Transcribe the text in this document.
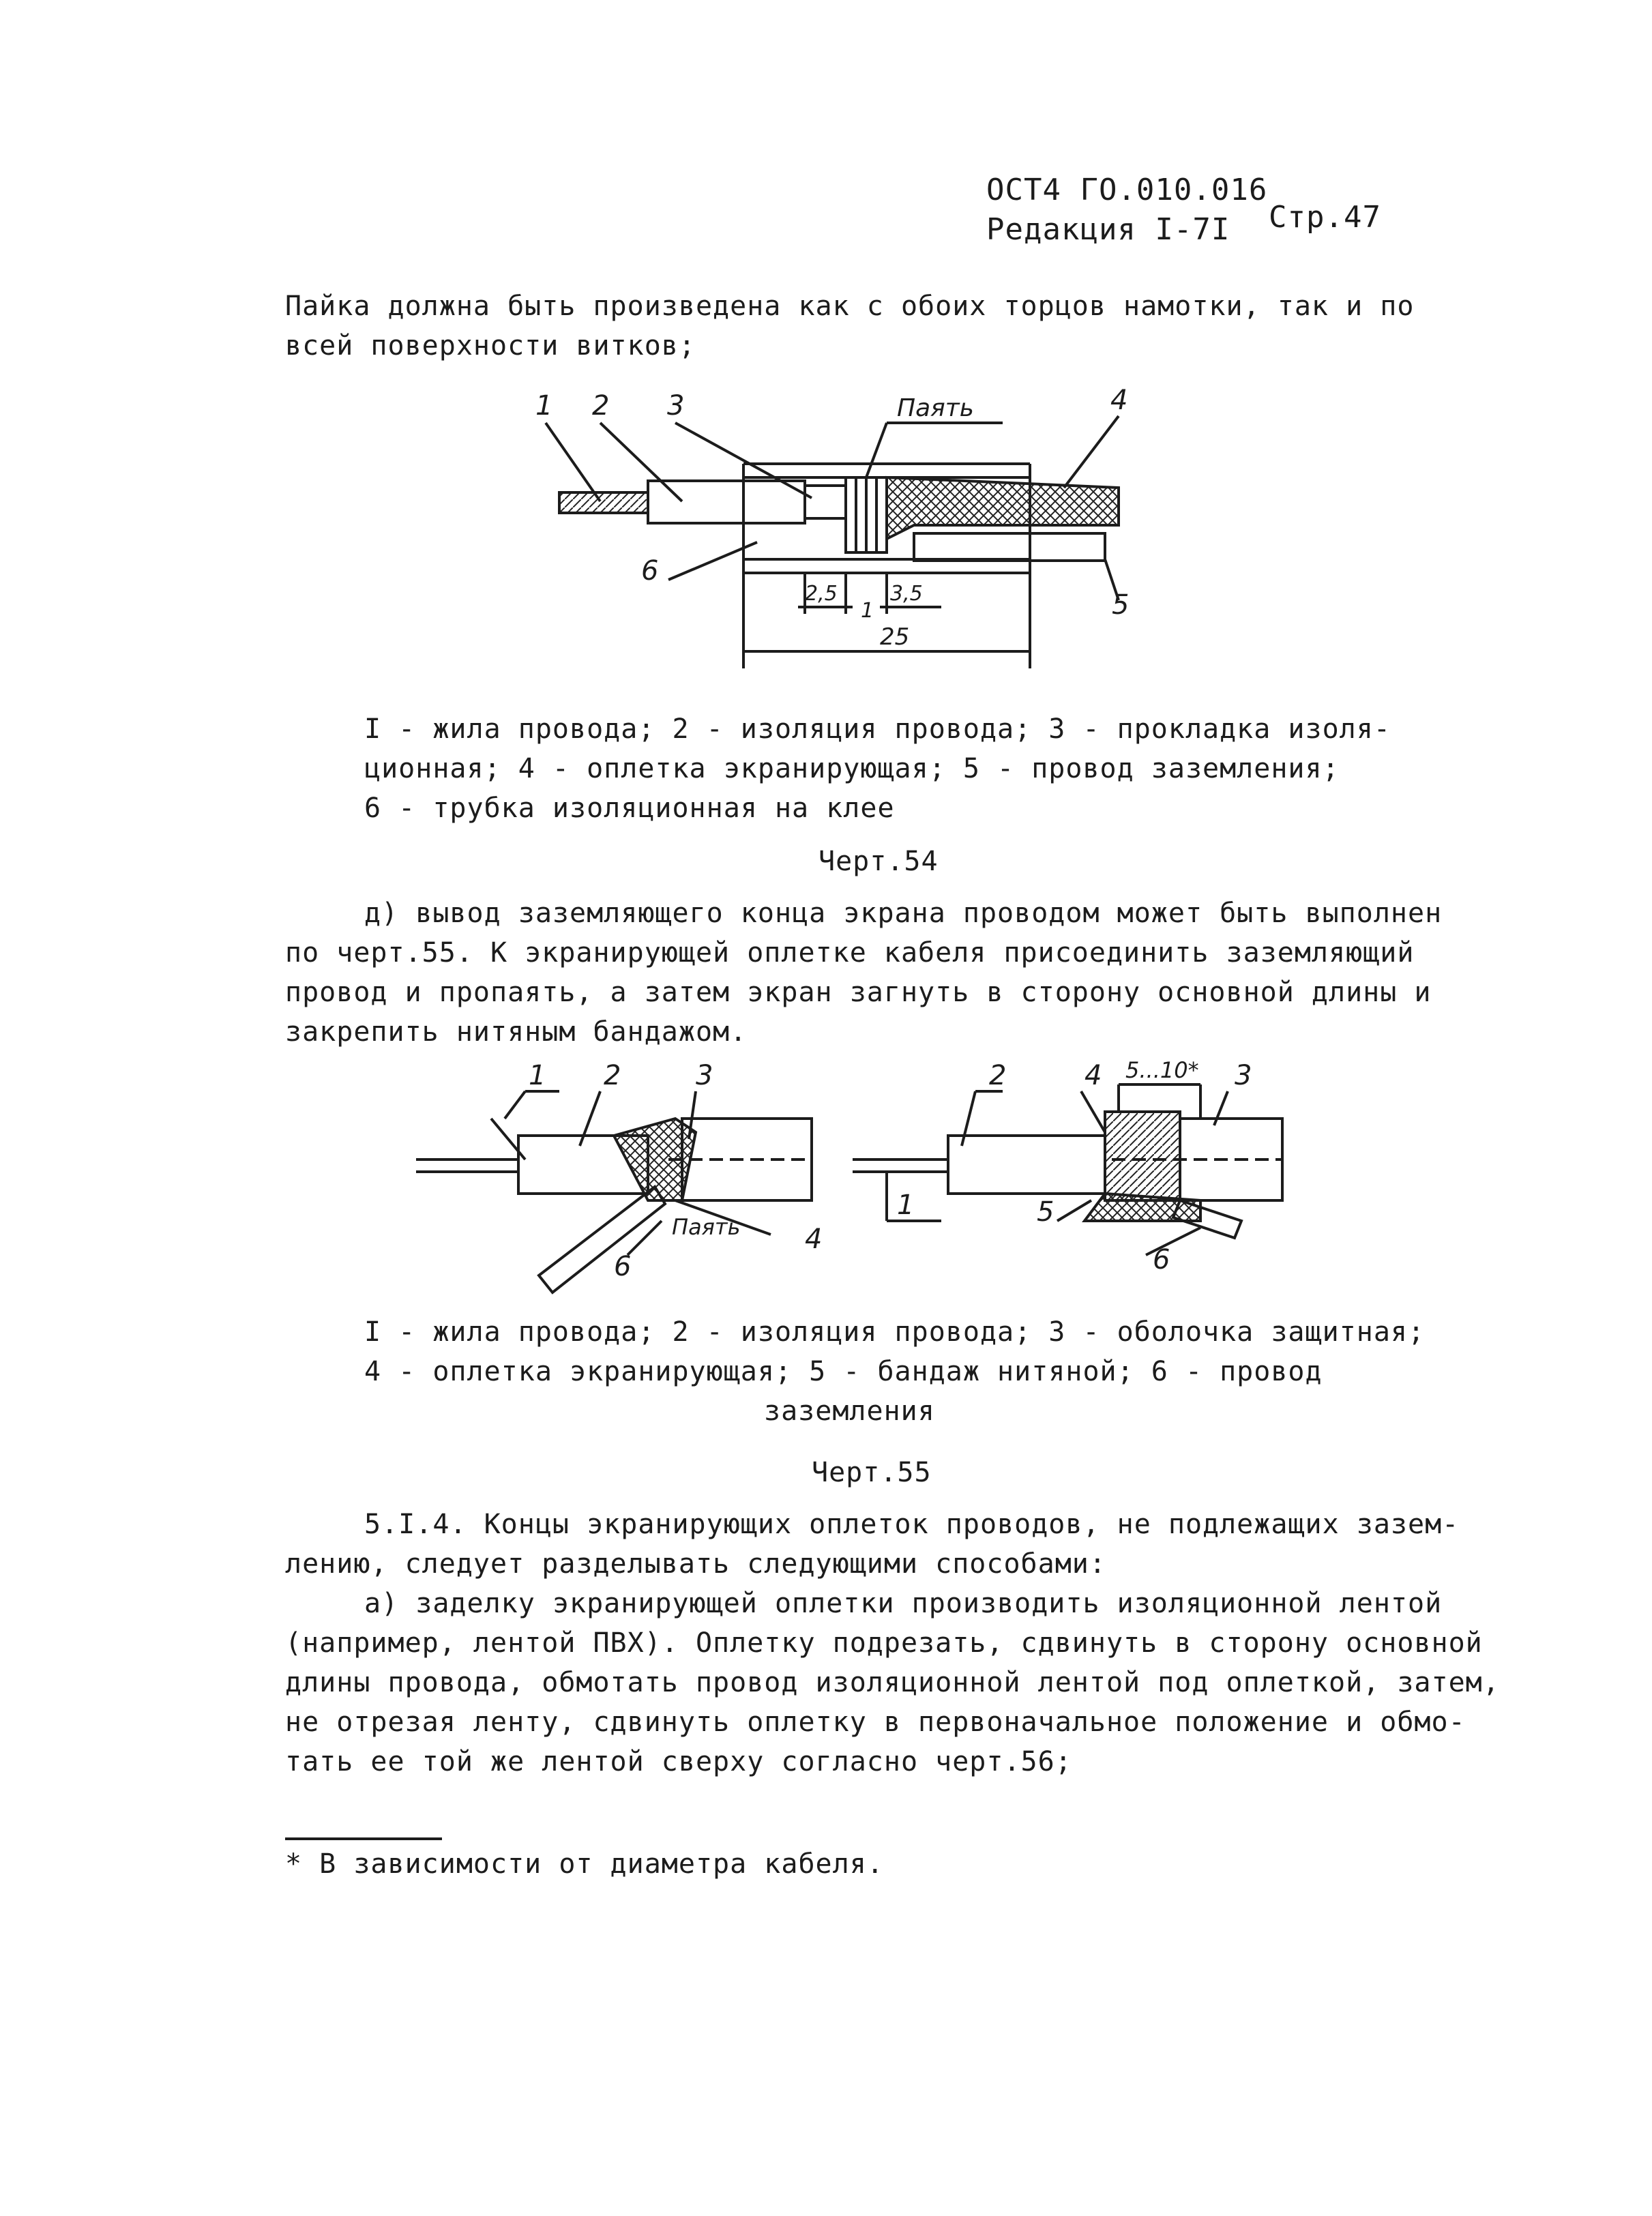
ОСТ4 ГО.010.016
Редакция I-7I Стр.47
Пайка должна быть произведена как с обоих торцов намотки, так и по
всей поверхности витков;
1 2 3	4
5
6
Паять
2,5
1
3,5
25
I - жила провода; 2 - изоляция провода; 3 - прокладка изоля-
ционная; 4 - оплетка экранирующая; 5 - провод заземления;
6 - трубка изоляционная на клее
Черт.54
д) вывод заземляющего конца экрана проводом может быть выполнен
по черт.55. К экранирующей оплетке кабеля присоединить заземляющий
провод и пропаять, а затем экран загнуть в сторону основной длины и
закрепить нитяным бандажом.
1 2	3
4
6
Паять
2	4	3
1	5
6
5...10*
I - жила провода; 2 - изоляция провода; 3 - оболочка защитная;
4 - оплетка экранирующая; 5 - бандаж нитяной; 6 - провод
заземления
Черт.55
5.I.4. Концы экранирующих оплеток проводов, не подлежащих зазем-
лению, следует разделывать следующими способами:
а) заделку экранирующей оплетки производить изоляционной лентой
(например, лентой ПВХ). Оплетку подрезать, сдвинуть в сторону основной
длины провода, обмотать провод изоляционной лентой под оплеткой, затем,
не отрезая ленту, сдвинуть оплетку в первоначальное положение и обмо-
тать ее той же лентой сверху согласно черт.56;
* В зависимости от диаметра кабеля.
